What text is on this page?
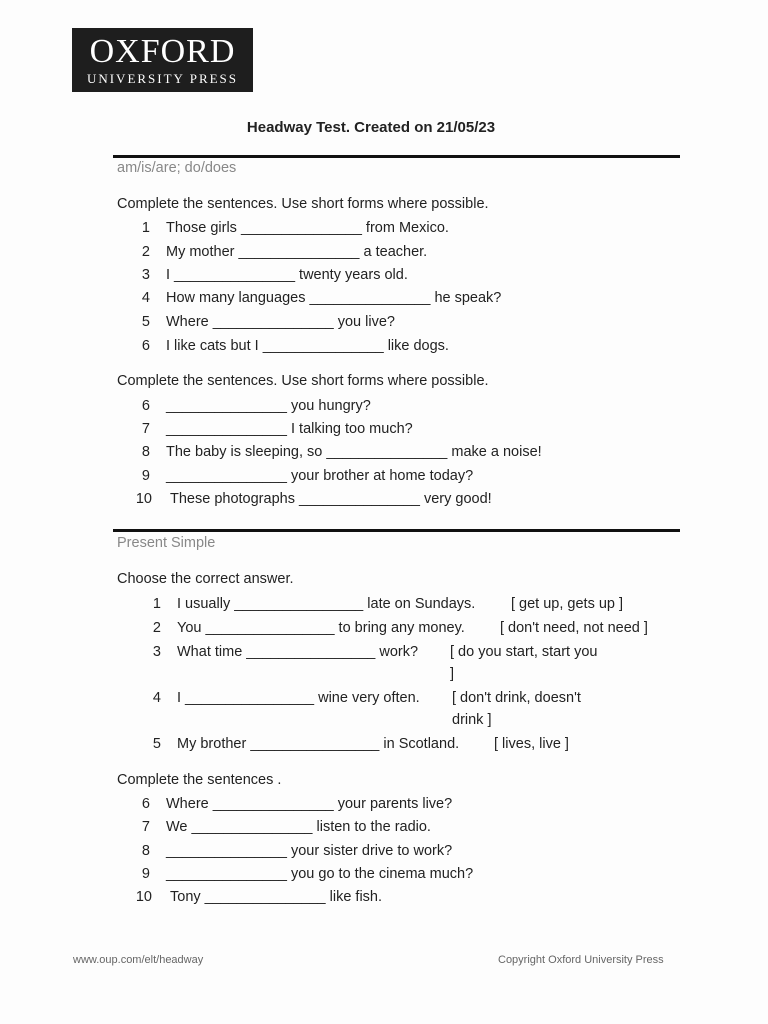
OXFORD
UNIVERSITY PRESS
Headway Test. Created on 21/05/23
am/is/are; do/does
Complete the sentences. Use short forms where possible.
1 Those girls _______________ from Mexico.
2 My mother _______________ a teacher.
3 I _______________ twenty years old.
4 How many languages _______________ he speak?
5 Where _______________ you live?
6 I like cats but I _______________ like dogs.
Complete the sentences. Use short forms where possible.
6 _______________ you hungry?
7 _______________ I talking too much?
8 The baby is sleeping, so _______________ make a noise!
9 _______________ your brother at home today?
10 These photographs _______________ very good!
Present Simple
Choose the correct answer.
1 I usually ________________ late on Sundays. [ get up, gets up ]
2 You ________________ to bring any money. [ don't need, not need ]
3 What time ________________ work? [ do you start, start you
]
4 I ________________ wine very often. [ don't drink, doesn't
drink ]
5 My brother ________________ in Scotland. [ lives, live ]
Complete the sentences .
6 Where _______________ your parents live?
7 We _______________ listen to the radio.
8 _______________ your sister drive to work?
9 _______________ you go to the cinema much?
10 Tony _______________ like fish.
www.oup.com/elt/headway	Copyright Oxford University Press
